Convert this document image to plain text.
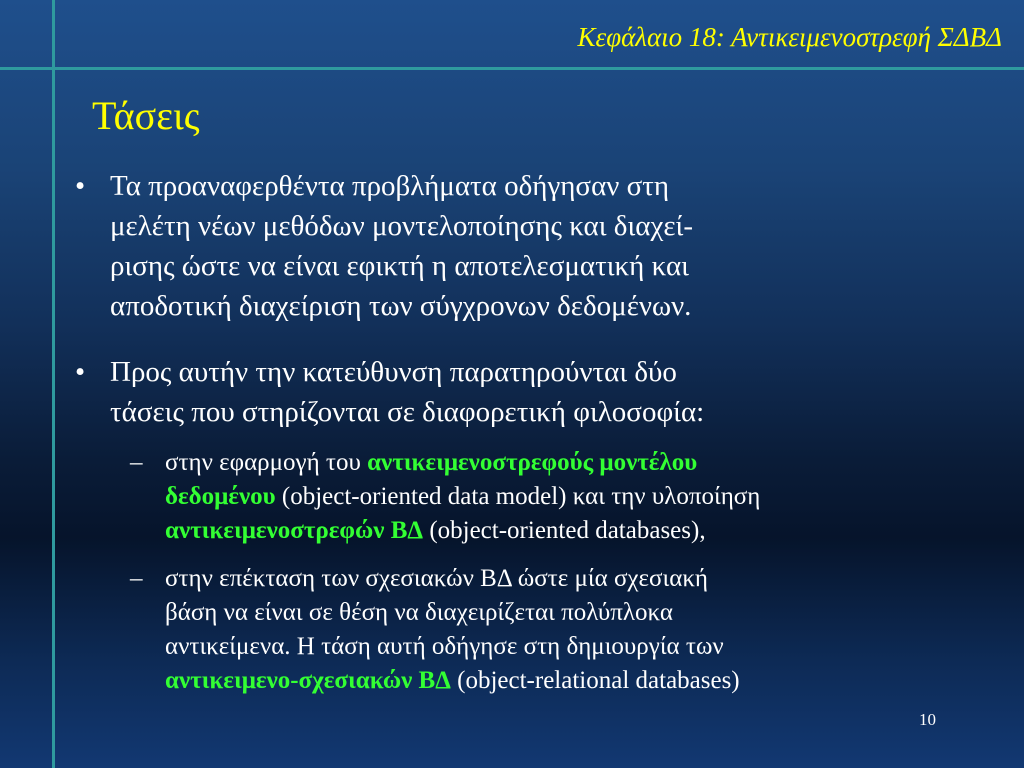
Κεφάλαιο 18: Αντικειμενοστρεφή ΣΔΒΔ
Τάσεις
• Τα προαναφερθέντα προβλήματα οδήγησαν στη
μελέτη νέων μεθόδων μοντελοποίησης και διαχεί-
ρισης ώστε να είναι εφικτή η αποτελεσματική και
αποδοτική διαχείριση των σύγχρονων δεδομένων.
• Προς αυτήν την κατεύθυνση παρατηρούνται δύο
τάσεις που στηρίζονται σε διαφορετική φιλοσοφία:
– στην εφαρμογή του αντικειμενοστρεφούς μοντέλου
δεδομένου (object-oriented data model) και την υλοποίηση
αντικειμενοστρεφών ΒΔ (object-oriented databases),
– στην επέκταση των σχεσιακών ΒΔ ώστε μία σχεσιακή
βάση να είναι σε θέση να διαχειρίζεται πολύπλοκα
αντικείμενα. Η τάση αυτή οδήγησε στη δημιουργία των
αντικειμενο-σχεσιακών ΒΔ (object-relational databases)
10
